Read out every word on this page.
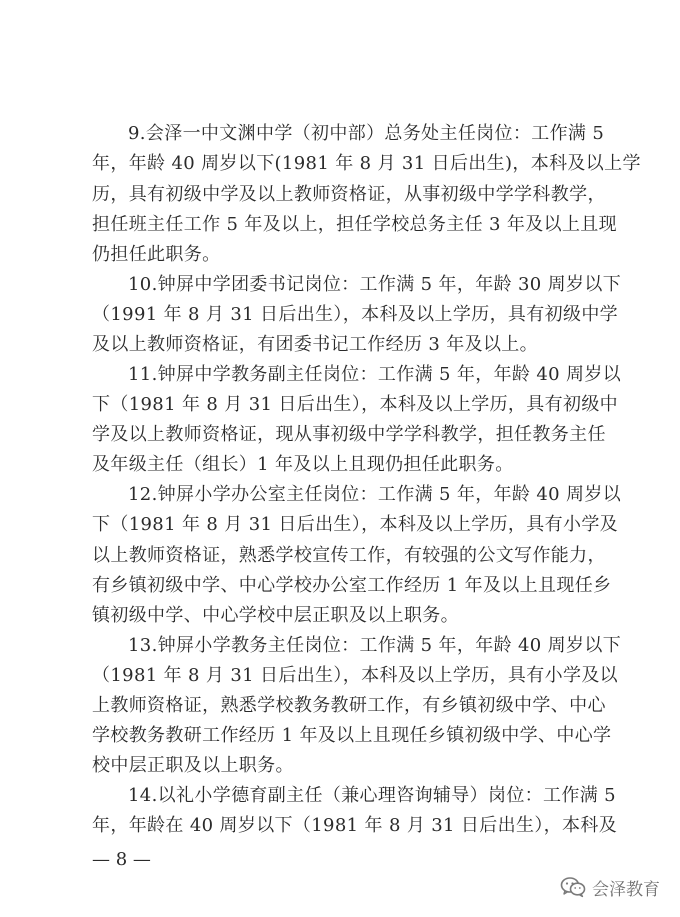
9.会泽一中文渊中学（初中部）总务处主任岗位：工作满 5
年，年龄 40 周岁以下(1981 年 8 月 31 日后出生)，本科及以上学
历，具有初级中学及以上教师资格证，从事初级中学学科教学，
担任班主任工作 5 年及以上，担任学校总务主任 3 年及以上且现
仍担任此职务。
10.钟屏中学团委书记岗位：工作满 5 年，年龄 30 周岁以下
（1991 年 8 月 31 日后出生），本科及以上学历，具有初级中学
及以上教师资格证，有团委书记工作经历 3 年及以上。
11.钟屏中学教务副主任岗位：工作满 5 年，年龄 40 周岁以
下（1981 年 8 月 31 日后出生），本科及以上学历，具有初级中
学及以上教师资格证，现从事初级中学学科教学，担任教务主任
及年级主任（组长）1 年及以上且现仍担任此职务。
12.钟屏小学办公室主任岗位：工作满 5 年，年龄 40 周岁以
下（1981 年 8 月 31 日后出生），本科及以上学历，具有小学及
以上教师资格证，熟悉学校宣传工作，有较强的公文写作能力，
有乡镇初级中学、中心学校办公室工作经历 1 年及以上且现任乡
镇初级中学、中心学校中层正职及以上职务。
13.钟屏小学教务主任岗位：工作满 5 年，年龄 40 周岁以下
（1981 年 8 月 31 日后出生），本科及以上学历，具有小学及以
上教师资格证，熟悉学校教务教研工作，有乡镇初级中学、中心
学校教务教研工作经历 1 年及以上且现任乡镇初级中学、中心学
校中层正职及以上职务。
14.以礼小学德育副主任（兼心理咨询辅导）岗位：工作满 5
年，年龄在 40 周岁以下（1981 年 8 月 31 日后出生），本科及
— 8 —
会泽教育
